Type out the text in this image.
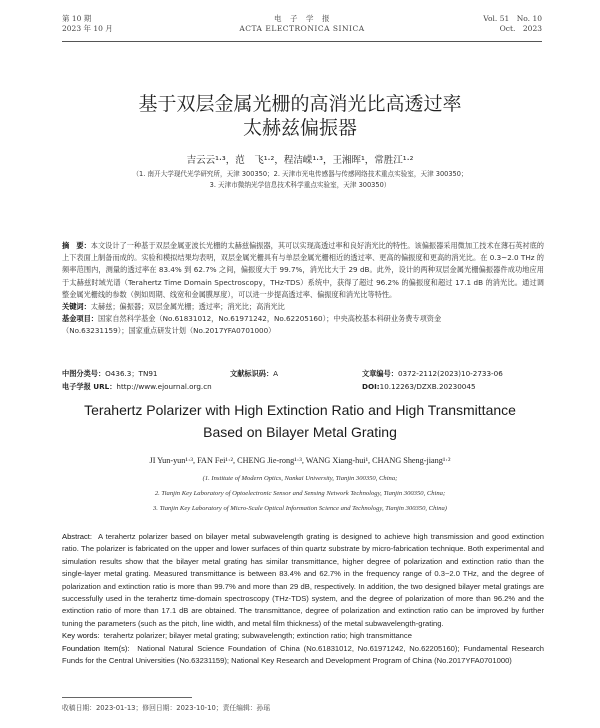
第 10 期
2023 年 10 月
电　子　学　报
ACTA ELECTRONICA SINICA
Vol. 51　No. 10
Oct.　2023
基于双层金属光栅的高消光比高透过率
太赫兹偏振器
吉云云¹·³，范　飞¹·²，程洁嵘¹·³，王湘晖¹，常胜江¹·²
（1. 南开大学现代光学研究所，天津 300350；2. 天津市光电传感器与传感网络技术重点实验室，天津 300350；
3. 天津市微纳光学信息技术科学重点实验室，天津 300350）
摘　要：本文设计了一种基于双层金属亚波长光栅的太赫兹偏振器，其可以实现高透过率和良好消光比的特性。该偏振器采用微加工技术在薄石英衬底的上下表面上制备而成的。实验和模拟结果均表明，双层金属光栅具有与单层金属光栅相近的透过率、更高的偏振度和更高的消光比。在 0.3~2.0 THz 的频率范围内，测量的透过率在 83.4% 到 62.7% 之间，偏振度大于 99.7%，消光比大于 29 dB。此外，设计的两种双层金属光栅偏振器件成功地应用于太赫兹时域光谱（Terahertz Time Domain Spectroscopy，THz-TDS）系统中，获得了超过 96.2% 的偏振度和超过 17.1 dB 的消光比。通过调整金属光栅线的参数（例如周期、线宽和金属膜厚度），可以进一步提高透过率、偏振度和消光比等特性。
关键词：太赫兹；偏振器；双层金属光栅；透过率；消光比；高消光比
基金项目：国家自然科学基金（No.61831012，No.61971242，No.62205160）；中央高校基本科研业务费专项资金
（No.63231159）；国家重点研发计划（No.2017YFA0701000）
中图分类号：O436.3；TN91	文献标识码：A	文章编号：0372-2112(2023)10-2733-06
电子学报 URL：http://www.ejournal.org.cn	DOI:10.12263/DZXB.20230045
Terahertz Polarizer with High Extinction Ratio and High Transmittance
Based on Bilayer Metal Grating
JI Yun-yun¹·³, FAN Fei¹·², CHENG Jie-rong¹·³, WANG Xiang-hui¹, CHANG Sheng-jiang¹·²
(1. Institute of Modern Optics, Nankai University, Tianjin 300350, China;
2. Tianjin Key Laboratory of Optoelectronic Sensor and Sensing Network Technology, Tianjin 300350, China;
3. Tianjin Key Laboratory of Micro-Scale Optical Information Science and Technology, Tianjin 300350, China)
Abstract: A terahertz polarizer based on bilayer metal subwavelength grating is designed to achieve high transmission and good extinction ratio. The polarizer is fabricated on the upper and lower surfaces of thin quartz substrate by micro-fabrication technique. Both experimental and simulation results show that the bilayer metal grating has similar transmittance, higher degree of polarization and extinction ratio than the single-layer metal grating. Measured transmittance is between 83.4% and 62.7% in the frequency range of 0.3~2.0 THz, and the degree of polarization and extinction ratio is more than 99.7% and more than 29 dB, respectively. In addition, the two designed bilayer metal gratings are successfully used in the terahertz time-domain spectroscopy (THz-TDS) system, and the degree of polarization of more than 96.2% and the extinction ratio of more than 17.1 dB are obtained. The transmittance, degree of polarization and extinction ratio can be improved by further tuning the parameters (such as the pitch, line width, and metal film thickness) of the metal subwavelength-grating.
Key words: terahertz polarizer; bilayer metal grating; subwavelength; extinction ratio; high transmittance
Foundation Item(s): National Natural Science Foundation of China (No.61831012, No.61971242, No.62205160); Fundamental Research Funds for the Central Universities (No.63231159); National Key Research and Development Program of China (No.2017YFA0701000)
收稿日期：2023-01-13；修回日期：2023-10-10；责任编辑：孙瑶
